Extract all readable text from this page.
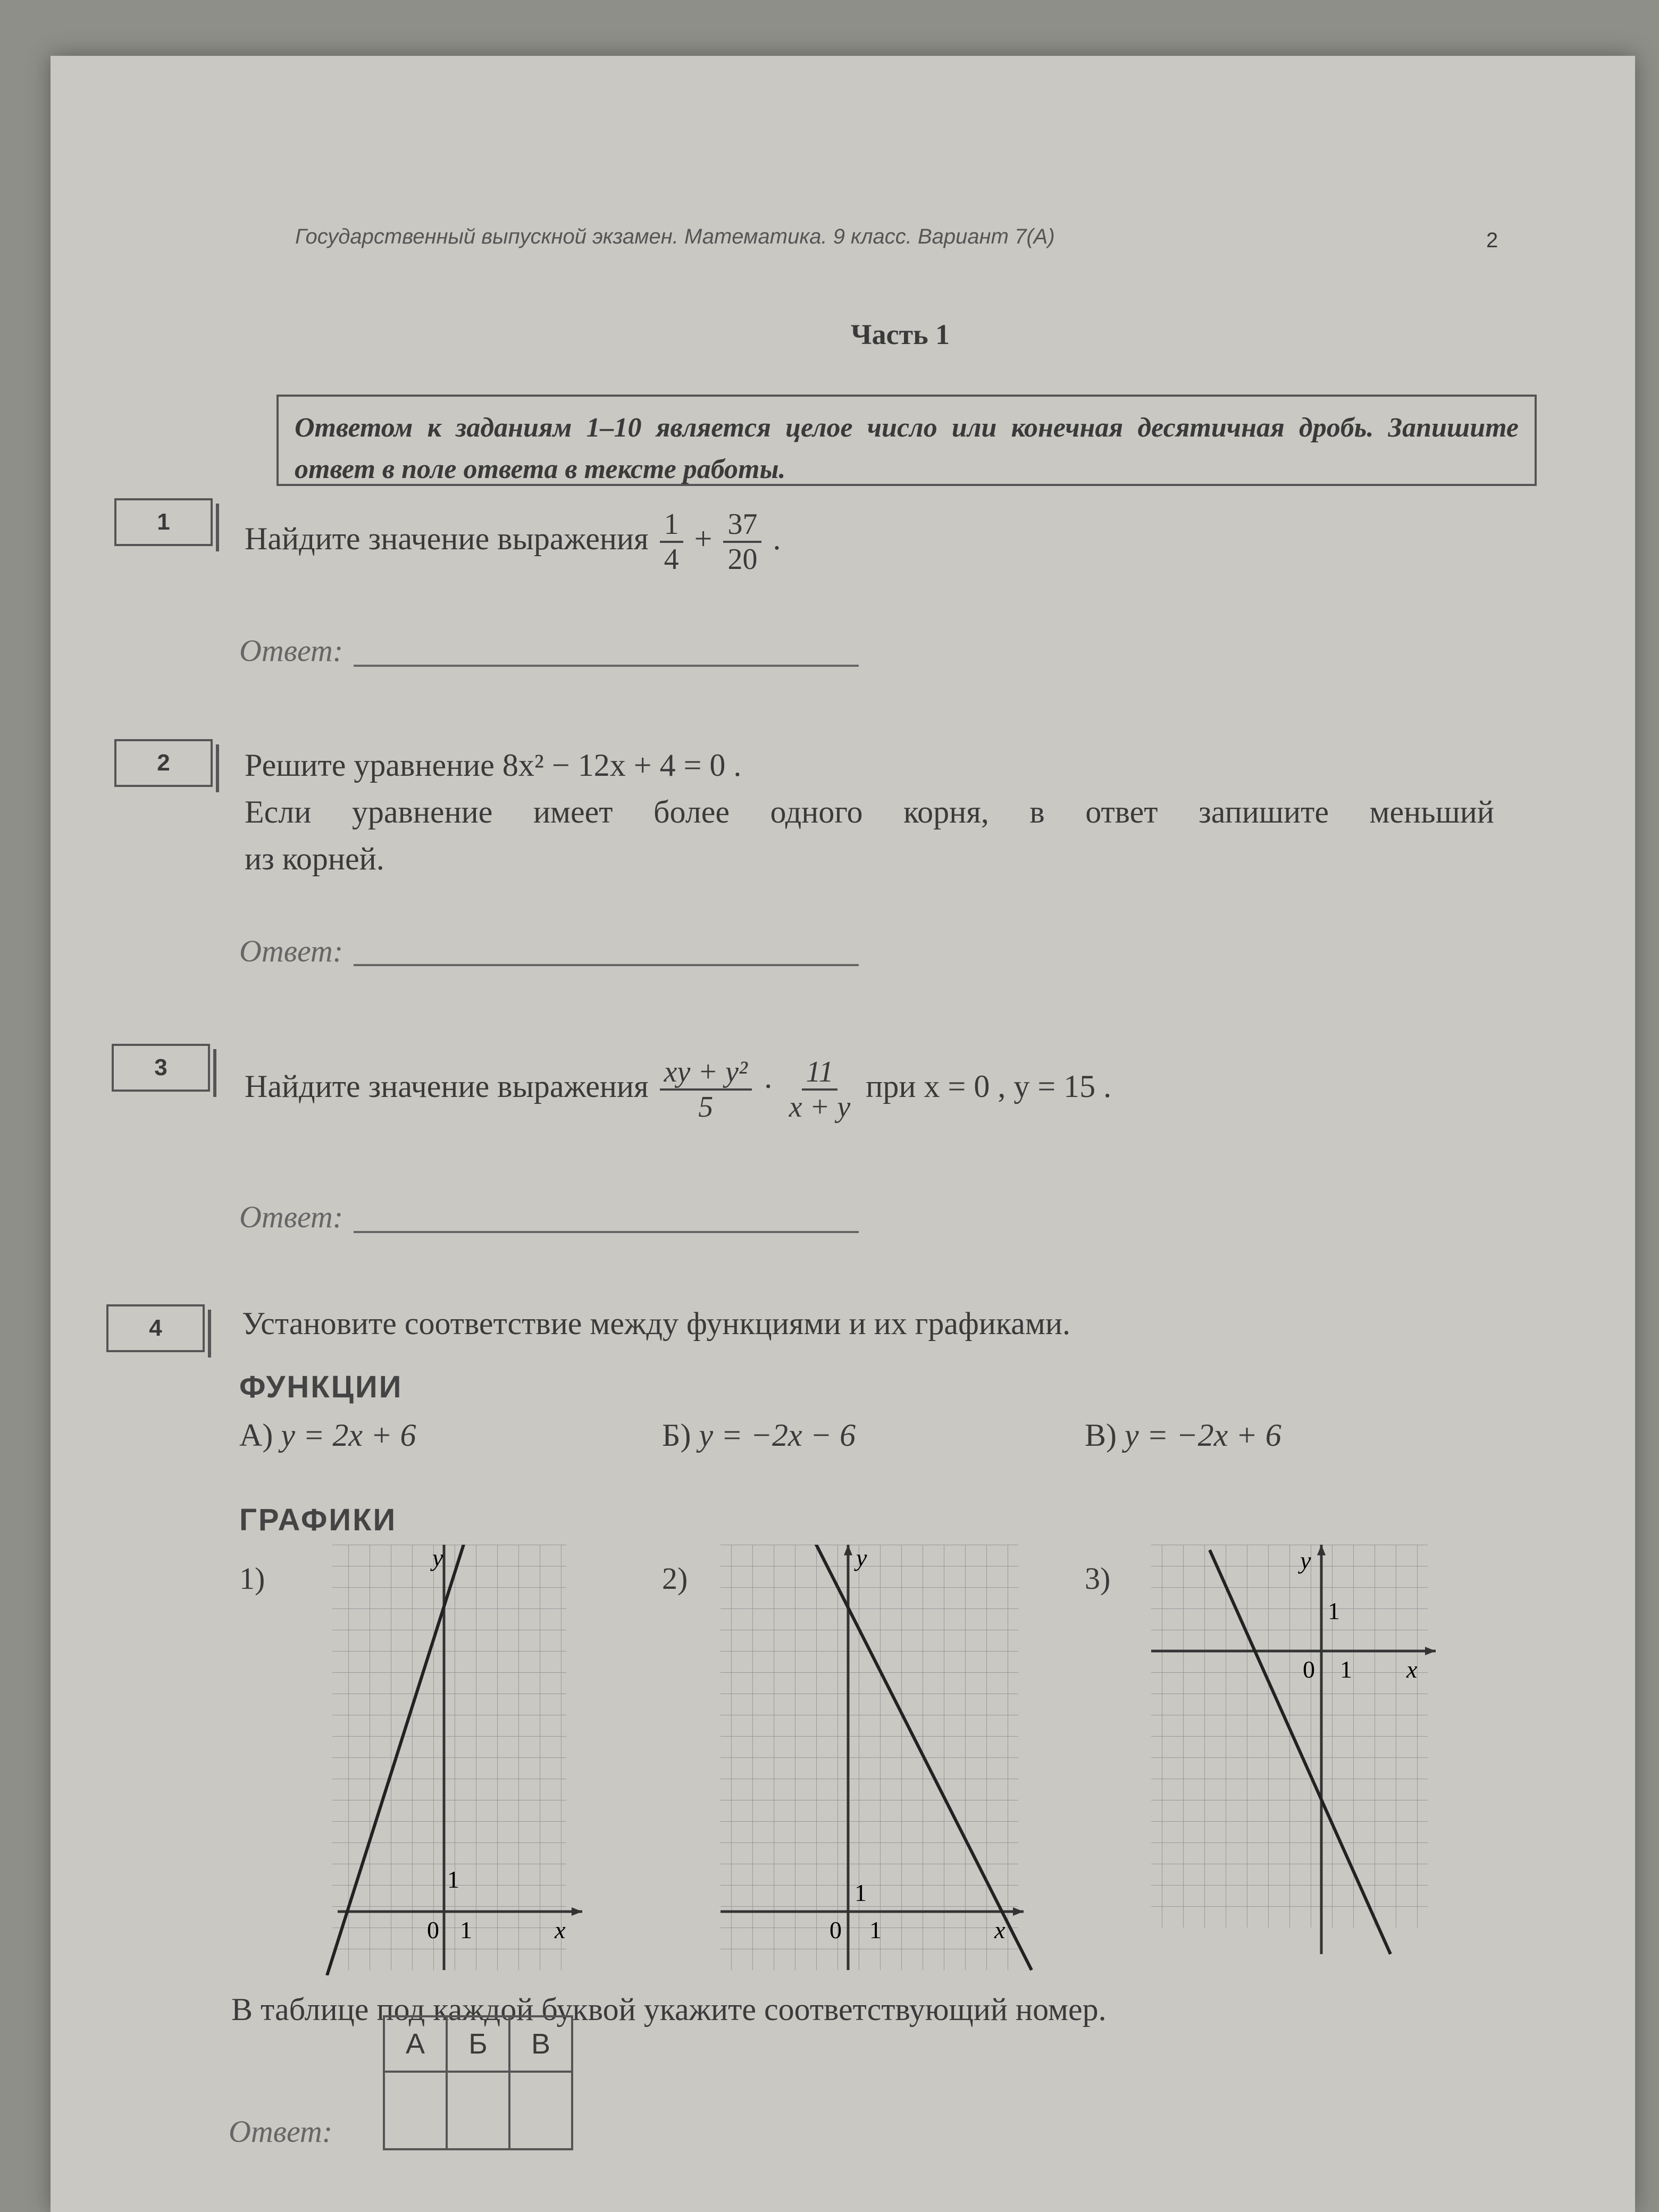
Государственный выпускной экзамен. Математика. 9 класс. Вариант 7(А)	2
Часть 1
Ответом к заданиям 1–10 является целое число или конечная десятичная дробь. Запишите ответ в поле ответа в тексте работы.
1	Найдите значение выражения $\frac{1}{4} + \frac{37}{20}$ .
Ответ:
2	Решите уравнение 8x² − 12x + 4 = 0 .
Если уравнение имеет более одного корня, в ответ запишите меньший
из корней.
Ответ:
3
Найдите значение выражения $\frac{\text{xy + y²}}{5} \cdot \frac{11}{x + y}$ при x = 0 , y = 15 .
Ответ:
4	Установите соответствие между функциями и их графиками.
ФУНКЦИИ
А) y = 2x + 6	Б) y = −2x − 6	В) y = −2x + 6
ГРАФИКИ
1)
y
x
0 1
1
2)
y
x
0 1
1
3)
y
x
0 1
1
В таблице под каждой буквой укажите соответствующий номер.
Ответ:
А	Б	В
